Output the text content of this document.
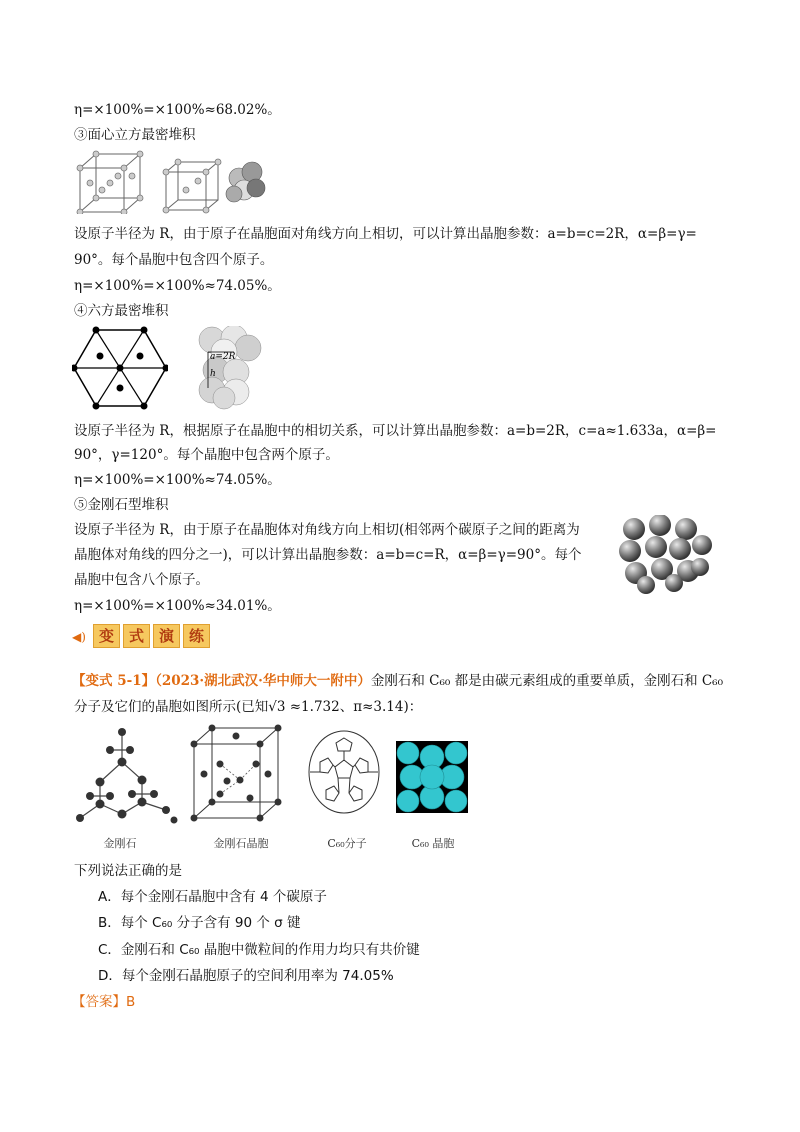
η=×100%=×100%≈68.02%。
③面心立方最密堆积
设原子半径为 R，由于原子在晶胞面对角线方向上相切，可以计算出晶胞参数：a=b=c=2R，α=β=γ=
90°。每个晶胞中包含四个原子。
η=×100%=×100%≈74.05%。
④六方最密堆积
a=2R
h
设原子半径为 R，根据原子在晶胞中的相切关系，可以计算出晶胞参数：a=b=2R，c=a≈1.633a，α=β=
90°，γ=120°。每个晶胞中包含两个原子。
η=×100%=×100%≈74.05%。
⑤金刚石型堆积
设原子半径为 R，由于原子在晶胞体对角线方向上相切(相邻两个碳原子之间的距离为
晶胞体对角线的四分之一)，可以计算出晶胞参数：a=b=c=R，α=β=γ=90°。每个
晶胞中包含八个原子。
η=×100%=×100%≈34.01%。
◀) 变 式 演 练
【变式 5-1】（2023·湖北武汉·华中师大一附中）金刚石和 C₆₀ 都是由碳元素组成的重要单质，金刚石和 C₆₀
分子及它们的晶胞如图所示(已知√3 ≈1.732、π≈3.14)：
金刚石	金刚石晶胞	C₆₀分子	C₆₀ 晶胞
下列说法正确的是
A．每个金刚石晶胞中含有 4 个碳原子
B．每个 C₆₀ 分子含有 90 个 σ 键
C．金刚石和 C₆₀ 晶胞中微粒间的作用力均只有共价键
D．每个金刚石晶胞原子的空间利用率为 74.05%
【答案】B
